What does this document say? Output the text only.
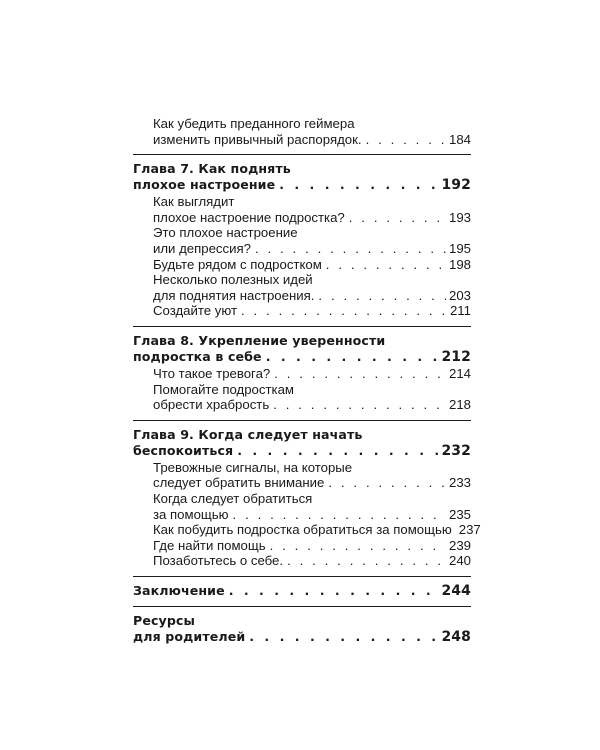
Как убедить преданного геймера
изменить привычный распорядок. . . .	184
Глава 7. Как поднять
плохое настроение . . .	192
Как выглядит
плохое настроение подростка? . . .	193
Это плохое настроение
или депрессия? . . .	195
Будьте рядом с подростком . . .	198
Несколько полезных идей
для поднятия настроения. . . .	203
Создайте уют . . .	211
Глава 8. Укрепление уверенности
подростка в себе . . .	212
Что такое тревога? . . .	214
Помогайте подросткам
обрести храбрость . . .	218
Глава 9. Когда следует начать
беспокоиться . . .	232
Тревожные сигналы, на которые
следует обратить внимание . . .	233
Когда следует обратиться
за помощью . . .	235
Как побудить подростка обратиться за помощью 237
Где найти помощь . . .	239
Позаботьтесь о себе. . . .	240
Заключение . . .	244
Ресурсы
для родителей . . .	248
